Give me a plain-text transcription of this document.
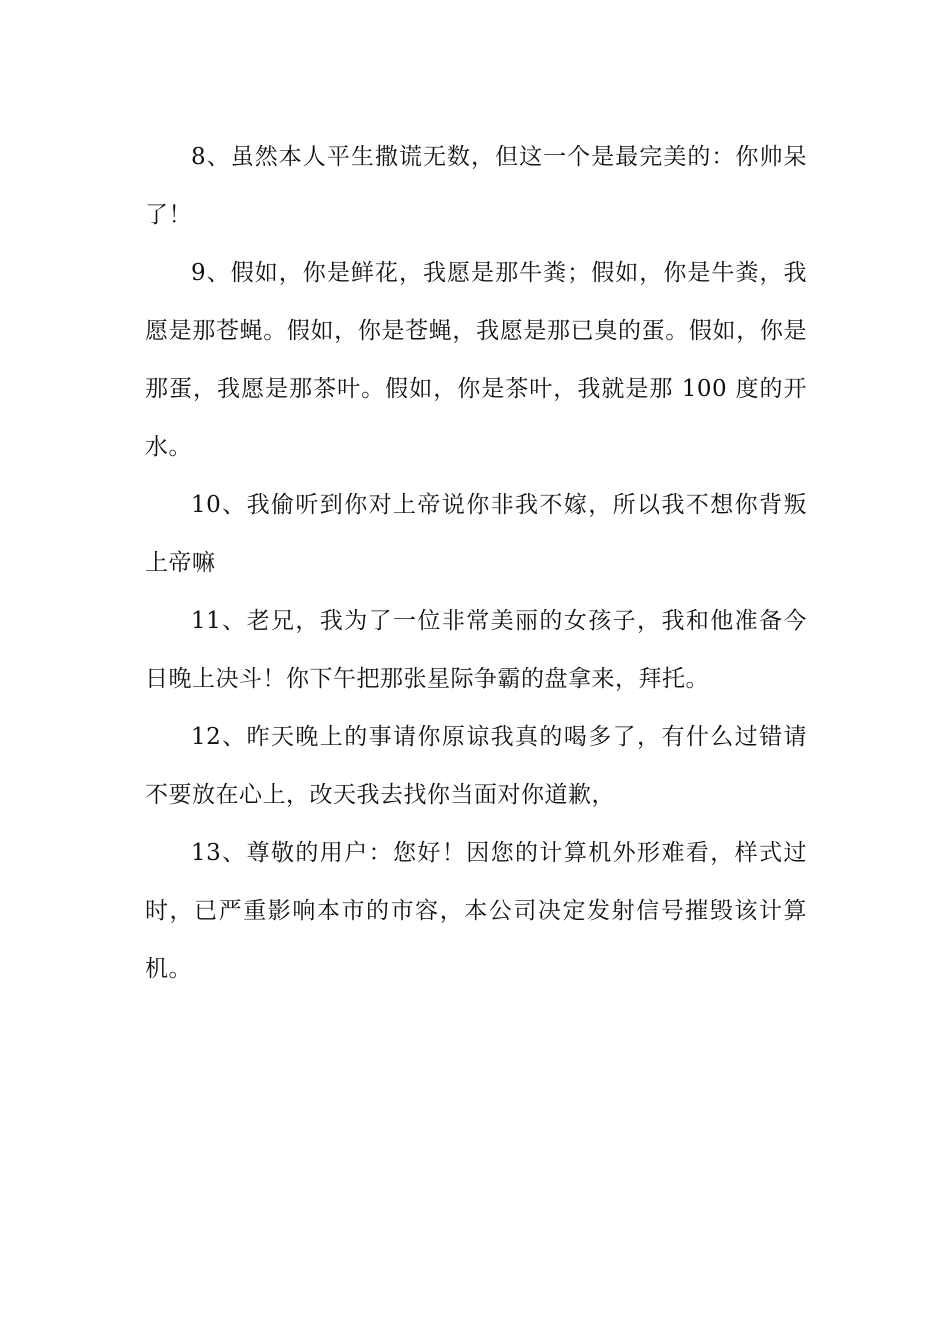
8、虽然本人平生撒谎无数，但这一个是最完美的：你帅呆了！

9、假如，你是鲜花，我愿是那牛粪；假如，你是牛粪，我愿是那苍蝇。假如，你是苍蝇，我愿是那已臭的蛋。假如，你是那蛋，我愿是那茶叶。假如，你是茶叶，我就是那 100 度的开水。

10、我偷听到你对上帝说你非我不嫁，所以我不想你背叛上帝嘛

11、老兄，我为了一位非常美丽的女孩子，我和他准备今日晚上决斗！你下午把那张星际争霸的盘拿来，拜托。

12、昨天晚上的事请你原谅我真的喝多了，有什么过错请不要放在心上，改天我去找你当面对你道歉，

13、尊敬的用户：您好！因您的计算机外形难看，样式过时，已严重影响本市的市容，本公司决定发射信号摧毁该计算机。
